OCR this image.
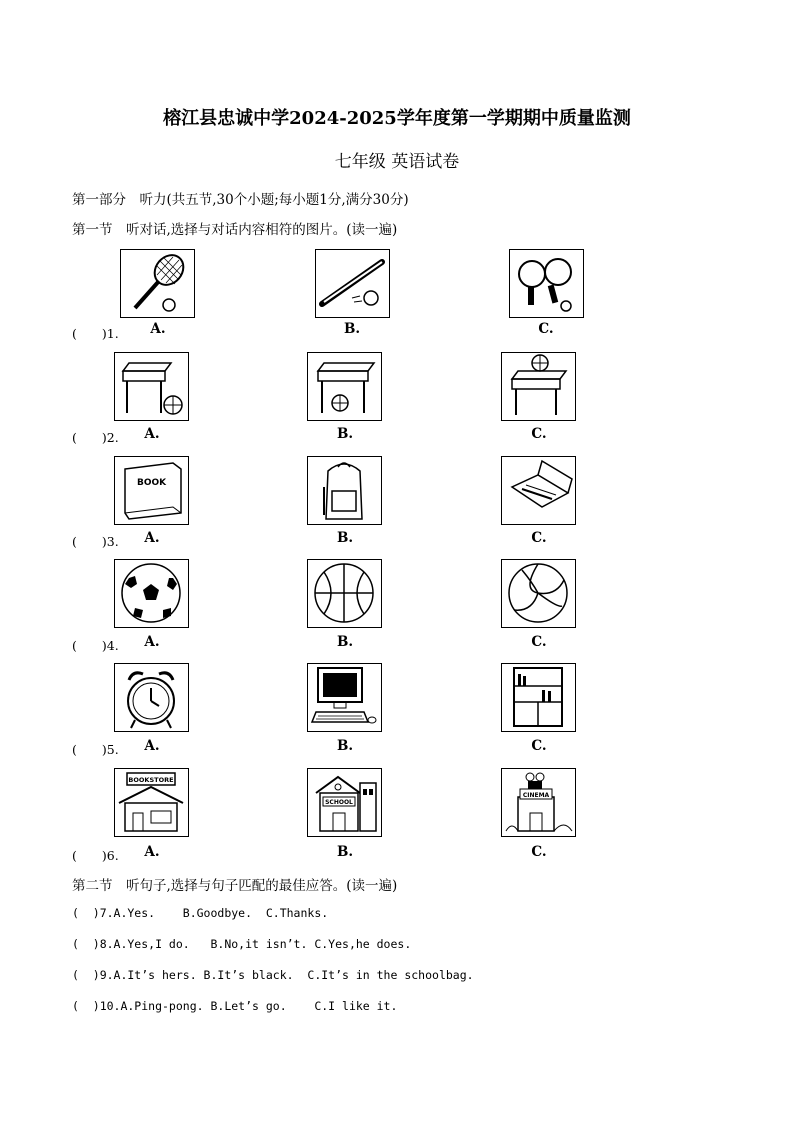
榕江县忠诚中学2024-2025学年度第一学期期中质量监测
七年级 英语试卷
第一部分　听力(共五节,30个小题;每小题1分,满分30分)
第一节　听对话,选择与对话内容相符的图片。(读一遍)
(　　)1.	A.	B.	C.
(　　)2.	A.	B.	C.
BOOK
(　　)3.	A.	B.	C.
(　　)4.	A.	B.	C.
(　　)5.	A.	B.	C.
BOOKSTORE
SCHOOL
CINEMA
(　　)6.	A.	B.	C.
第二节　听句子,选择与句子匹配的最佳应答。(读一遍)
(  )7.A.Yes.    B.Goodbye.  C.Thanks.
(  )8.A.Yes,I do.   B.No,it isn’t. C.Yes,he does.
(  )9.A.It’s hers. B.It’s black.  C.It’s in the schoolbag.
(  )10.A.Ping-pong. B.Let’s go.    C.I like it.
